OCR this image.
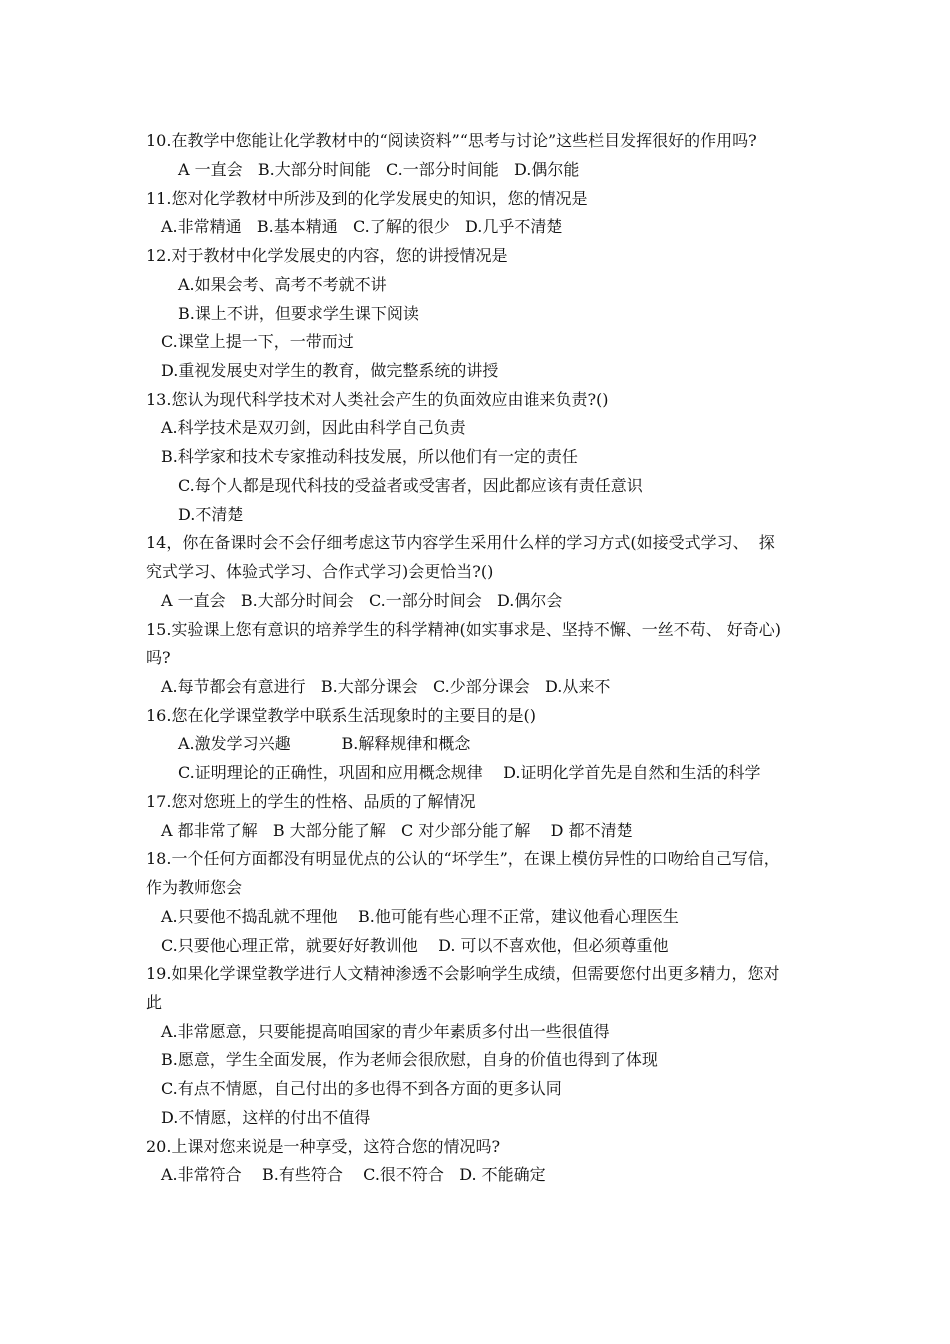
10.在教学中您能让化学教材中的“阅读资料”“思考与讨论”这些栏目发挥很好的作用吗?
A 一直会   B.大部分时间能   C.一部分时间能   D.偶尔能
11.您对化学教材中所涉及到的化学发展史的知识，您的情况是
A.非常精通   B.基本精通   C.了解的很少   D.几乎不清楚
12.对于教材中化学发展史的内容，您的讲授情况是
A.如果会考、高考不考就不讲
B.课上不讲，但要求学生课下阅读
C.课堂上提一下，一带而过
D.重视发展史对学生的教育，做完整系统的讲授
13.您认为现代科学技术对人类社会产生的负面效应由谁来负责?()
A.科学技术是双刃剑，因此由科学自己负责
B.科学家和技术专家推动科技发展，所以他们有一定的责任
C.每个人都是现代科技的受益者或受害者，因此都应该有责任意识
D.不清楚
14，你在备课时会不会仔细考虑这节内容学生采用什么样的学习方式(如接受式学习、  探
究式学习、体验式学习、合作式学习)会更恰当?()
A 一直会   B.大部分时间会   C.一部分时间会   D.偶尔会
15.实验课上您有意识的培养学生的科学精神(如实事求是、坚持不懈、一丝不苟、 好奇心)
吗?
A.每节都会有意进行   B.大部分课会   C.少部分课会   D.从来不
16.您在化学课堂教学中联系生活现象时的主要目的是()
A.激发学习兴趣          B.解释规律和概念
C.证明理论的正确性，巩固和应用概念规律    D.证明化学首先是自然和生活的科学
17.您对您班上的学生的性格、品质的了解情况
A 都非常了解   B 大部分能了解   C 对少部分能了解    D 都不清楚
18.一个任何方面都没有明显优点的公认的“坏学生”，在课上模仿异性的口吻给自己写信，
作为教师您会
A.只要他不捣乱就不理他    B.他可能有些心理不正常，建议他看心理医生
C.只要他心理正常，就要好好教训他    D. 可以不喜欢他，但必须尊重他
19.如果化学课堂教学进行人文精神渗透不会影响学生成绩，但需要您付出更多精力，您对
此
A.非常愿意，只要能提高咱国家的青少年素质多付出一些很值得
B.愿意，学生全面发展，作为老师会很欣慰，自身的价值也得到了体现
C.有点不情愿，自己付出的多也得不到各方面的更多认同
D.不情愿，这样的付出不值得
20.上课对您来说是一种享受，这符合您的情况吗?
A.非常符合    B.有些符合    C.很不符合   D. 不能确定
